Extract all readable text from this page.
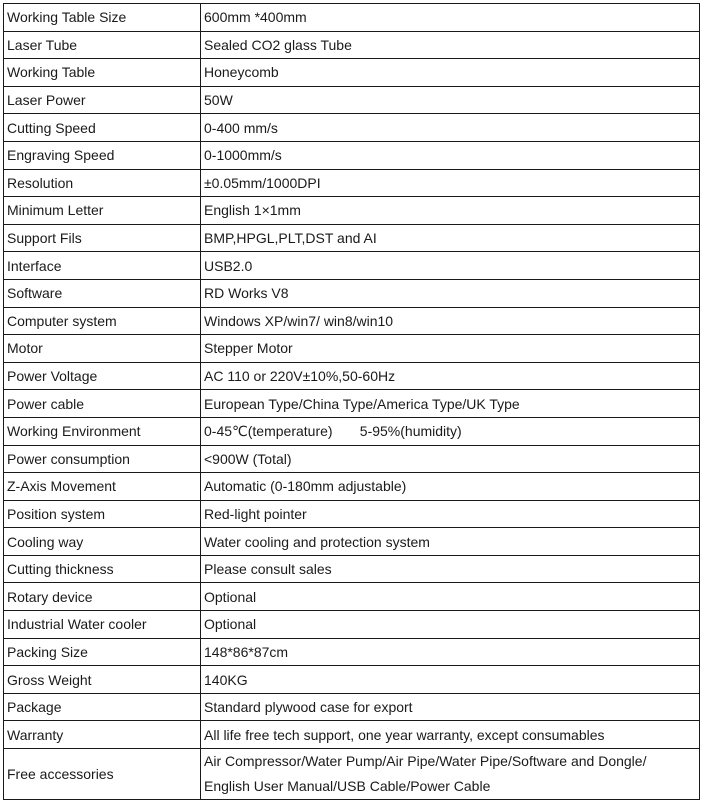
Working Table Size	600mm *400mm
Laser Tube	Sealed CO2 glass Tube
Working Table	Honeycomb
Laser Power	50W
Cutting Speed	0-400 mm/s
Engraving Speed	0-1000mm/s
Resolution	±0.05mm/1000DPI
Minimum Letter	English 1×1mm
Support Fils	BMP,HPGL,PLT,DST and AI
Interface	USB2.0
Software	RD Works V8
Computer system	Windows XP/win7/ win8/win10
Motor	Stepper Motor
Power Voltage	AC 110 or 220V±10%,50-60Hz
Power cable	European Type/China Type/America Type/UK Type
Working Environment	0-45℃(temperature)       5-95%(humidity)
Power consumption	<900W (Total)
Z-Axis Movement	Automatic (0-180mm adjustable)
Position system	Red-light pointer
Cooling way	Water cooling and protection system
Cutting thickness	Please consult sales
Rotary device	Optional
Industrial Water cooler	Optional
Packing Size	148*86*87cm
Gross Weight	140KG
Package	Standard plywood case for export
Warranty	All life free tech support, one year warranty, except consumables
Free accessories	Air Compressor/Water Pump/Air Pipe/Water Pipe/Software and Dongle/ English User Manual/USB Cable/Power Cable
